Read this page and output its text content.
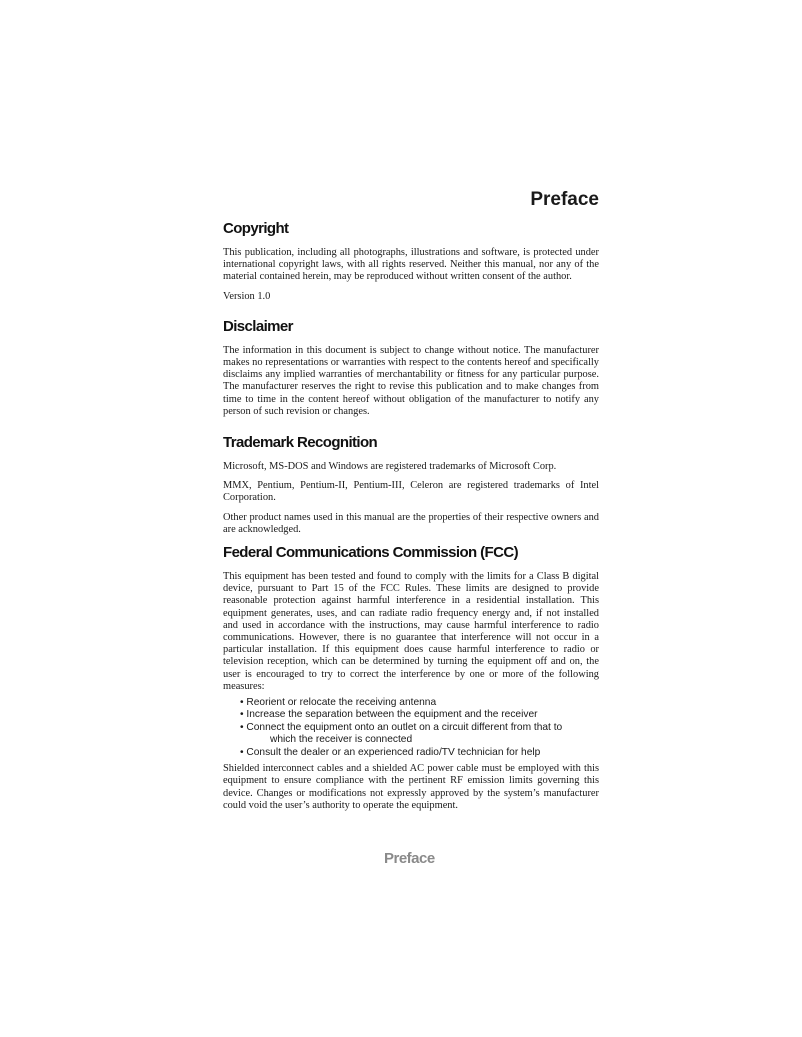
Preface
Copyright

This publication, including all photographs, illustrations and software, is protected under international copyright laws, with all rights reserved. Neither this manual, nor any of the material contained herein, may be reproduced without written consent of the author.

Version 1.0

Disclaimer

The information in this document is subject to change without notice. The manufacturer makes no representations or warranties with respect to the contents hereof and specifically disclaims any implied warranties of merchantability or fitness for any particular purpose. The manufacturer reserves the right to revise this publication and to make changes from time to time in the content hereof without obligation of the manufacturer to notify any person of such revision or changes.

Trademark Recognition

Microsoft, MS-DOS and Windows are registered trademarks of Microsoft Corp.

MMX, Pentium, Pentium-II, Pentium-III, Celeron are registered trademarks of Intel Corporation.

Other product names used in this manual are the properties of their respective owners and are acknowledged.

Federal Communications Commission (FCC)

This equipment has been tested and found to comply with the limits for a Class B digital device, pursuant to Part 15 of the FCC Rules. These limits are designed to provide reasonable protection against harmful interference in a residential installation. This equipment generates, uses, and can radiate radio frequency energy and, if not installed and used in accordance with the instructions, may cause harmful interference to radio communications. However, there is no guarantee that interference will not occur in a particular installation. If this equipment does cause harmful interference to radio or television reception, which can be determined by turning the equipment off and on, the user is encouraged to try to correct the interference by one or more of the following measures:

• Reorient or relocate the receiving antenna
• Increase the separation between the equipment and the receiver
• Connect the equipment onto an outlet on a circuit different from that to
which the receiver is connected
• Consult the dealer or an experienced radio/TV technician for help

Shielded interconnect cables and a shielded AC power cable must be employed with this equipment to ensure compliance with the pertinent RF emission limits governing this device. Changes or modifications not expressly approved by the system’s manufacturer could void the user’s authority to operate the equipment.

Preface
